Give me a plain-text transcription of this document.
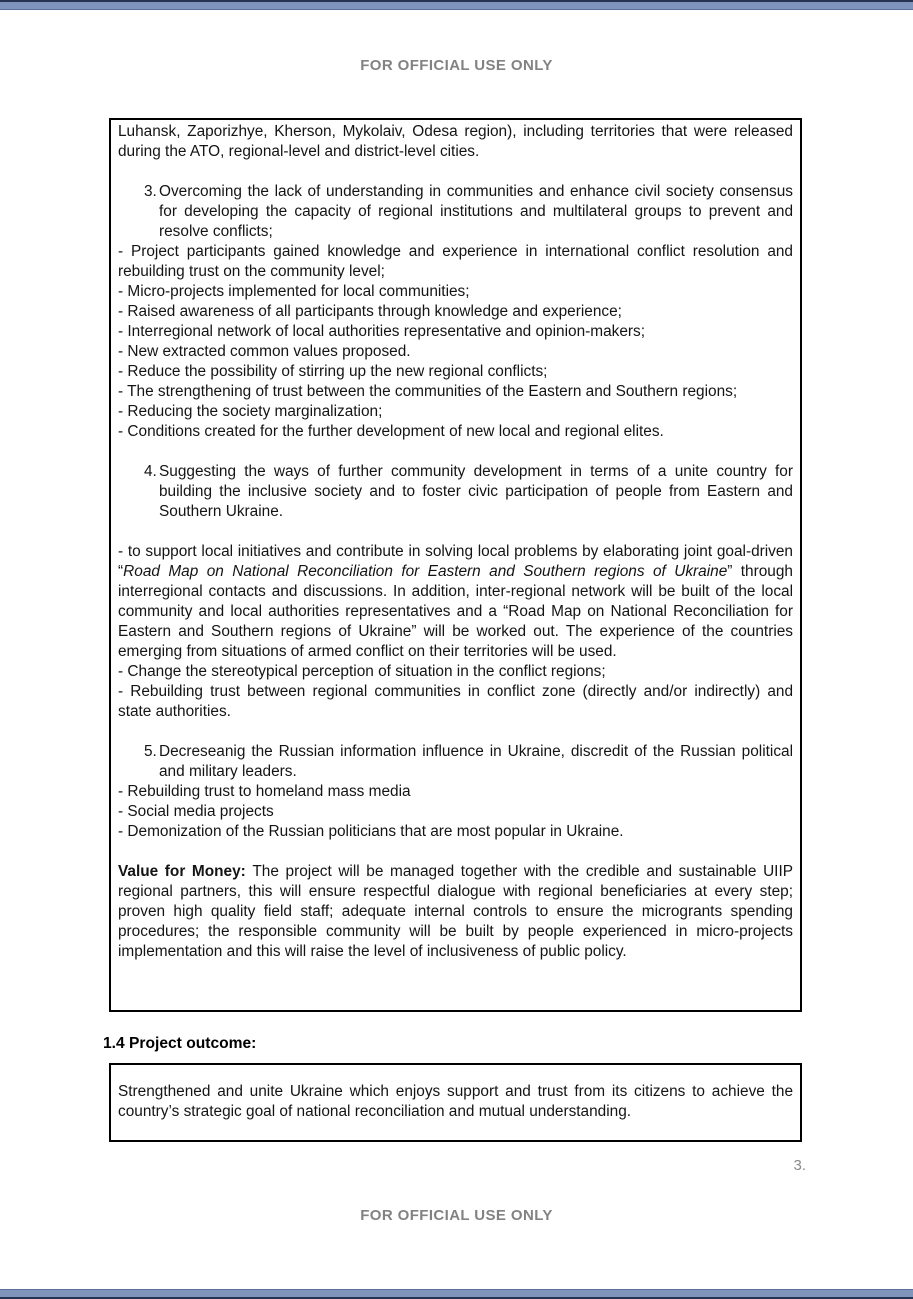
FOR OFFICIAL USE ONLY
Luhansk, Zaporizhye, Kherson, Mykolaiv, Odesa region), including territories that were released during the ATO, regional-level and district-level cities.
3. Overcoming the lack of understanding in communities and enhance civil society consensus for developing the capacity of regional institutions and multilateral groups to prevent and resolve conflicts;
- Project participants gained knowledge and experience in international conflict resolution and rebuilding trust on the community level;
- Micro-projects implemented for local communities;
- Raised awareness of all participants through knowledge and experience;
- Interregional network of local authorities representative and opinion-makers;
- New extracted common values proposed.
- Reduce the possibility of stirring up the new regional conflicts;
- The strengthening of trust between the communities of the Eastern and Southern regions;
- Reducing the society marginalization;
- Conditions created for the further development of new local and regional elites.
4. Suggesting the ways of further community development in terms of a unite country for building the inclusive society and to foster civic participation of people from Eastern and Southern Ukraine.
- to support local initiatives and contribute in solving local problems by elaborating joint goal-driven “Road Map on National Reconciliation for Eastern and Southern regions of Ukraine” through interregional contacts and discussions. In addition, inter-regional network will be built of the local community and local authorities representatives and a “Road Map on National Reconciliation for Eastern and Southern regions of Ukraine” will be worked out. The experience of the countries emerging from situations of armed conflict on their territories will be used.
- Change the stereotypical perception of situation in the conflict regions;
- Rebuilding trust between regional communities in conflict zone (directly and/or indirectly) and state authorities.
5. Decreseanig the Russian information influence in Ukraine, discredit of the Russian political and military leaders.
- Rebuilding trust to homeland mass media
- Social media projects
- Demonization of the Russian politicians that are most popular in Ukraine.
Value for Money: The project will be managed together with the credible and sustainable UIIP regional partners, this will ensure respectful dialogue with regional beneficiaries at every step; proven high quality field staff; adequate internal controls to ensure the microgrants spending procedures; the responsible community will be built by people experienced in micro-projects implementation and this will raise the level of inclusiveness of public policy.
1.4 Project outcome:
Strengthened and unite Ukraine which enjoys support and trust from its citizens to achieve the country’s strategic goal of national reconciliation and mutual understanding.
3.
FOR OFFICIAL USE ONLY
